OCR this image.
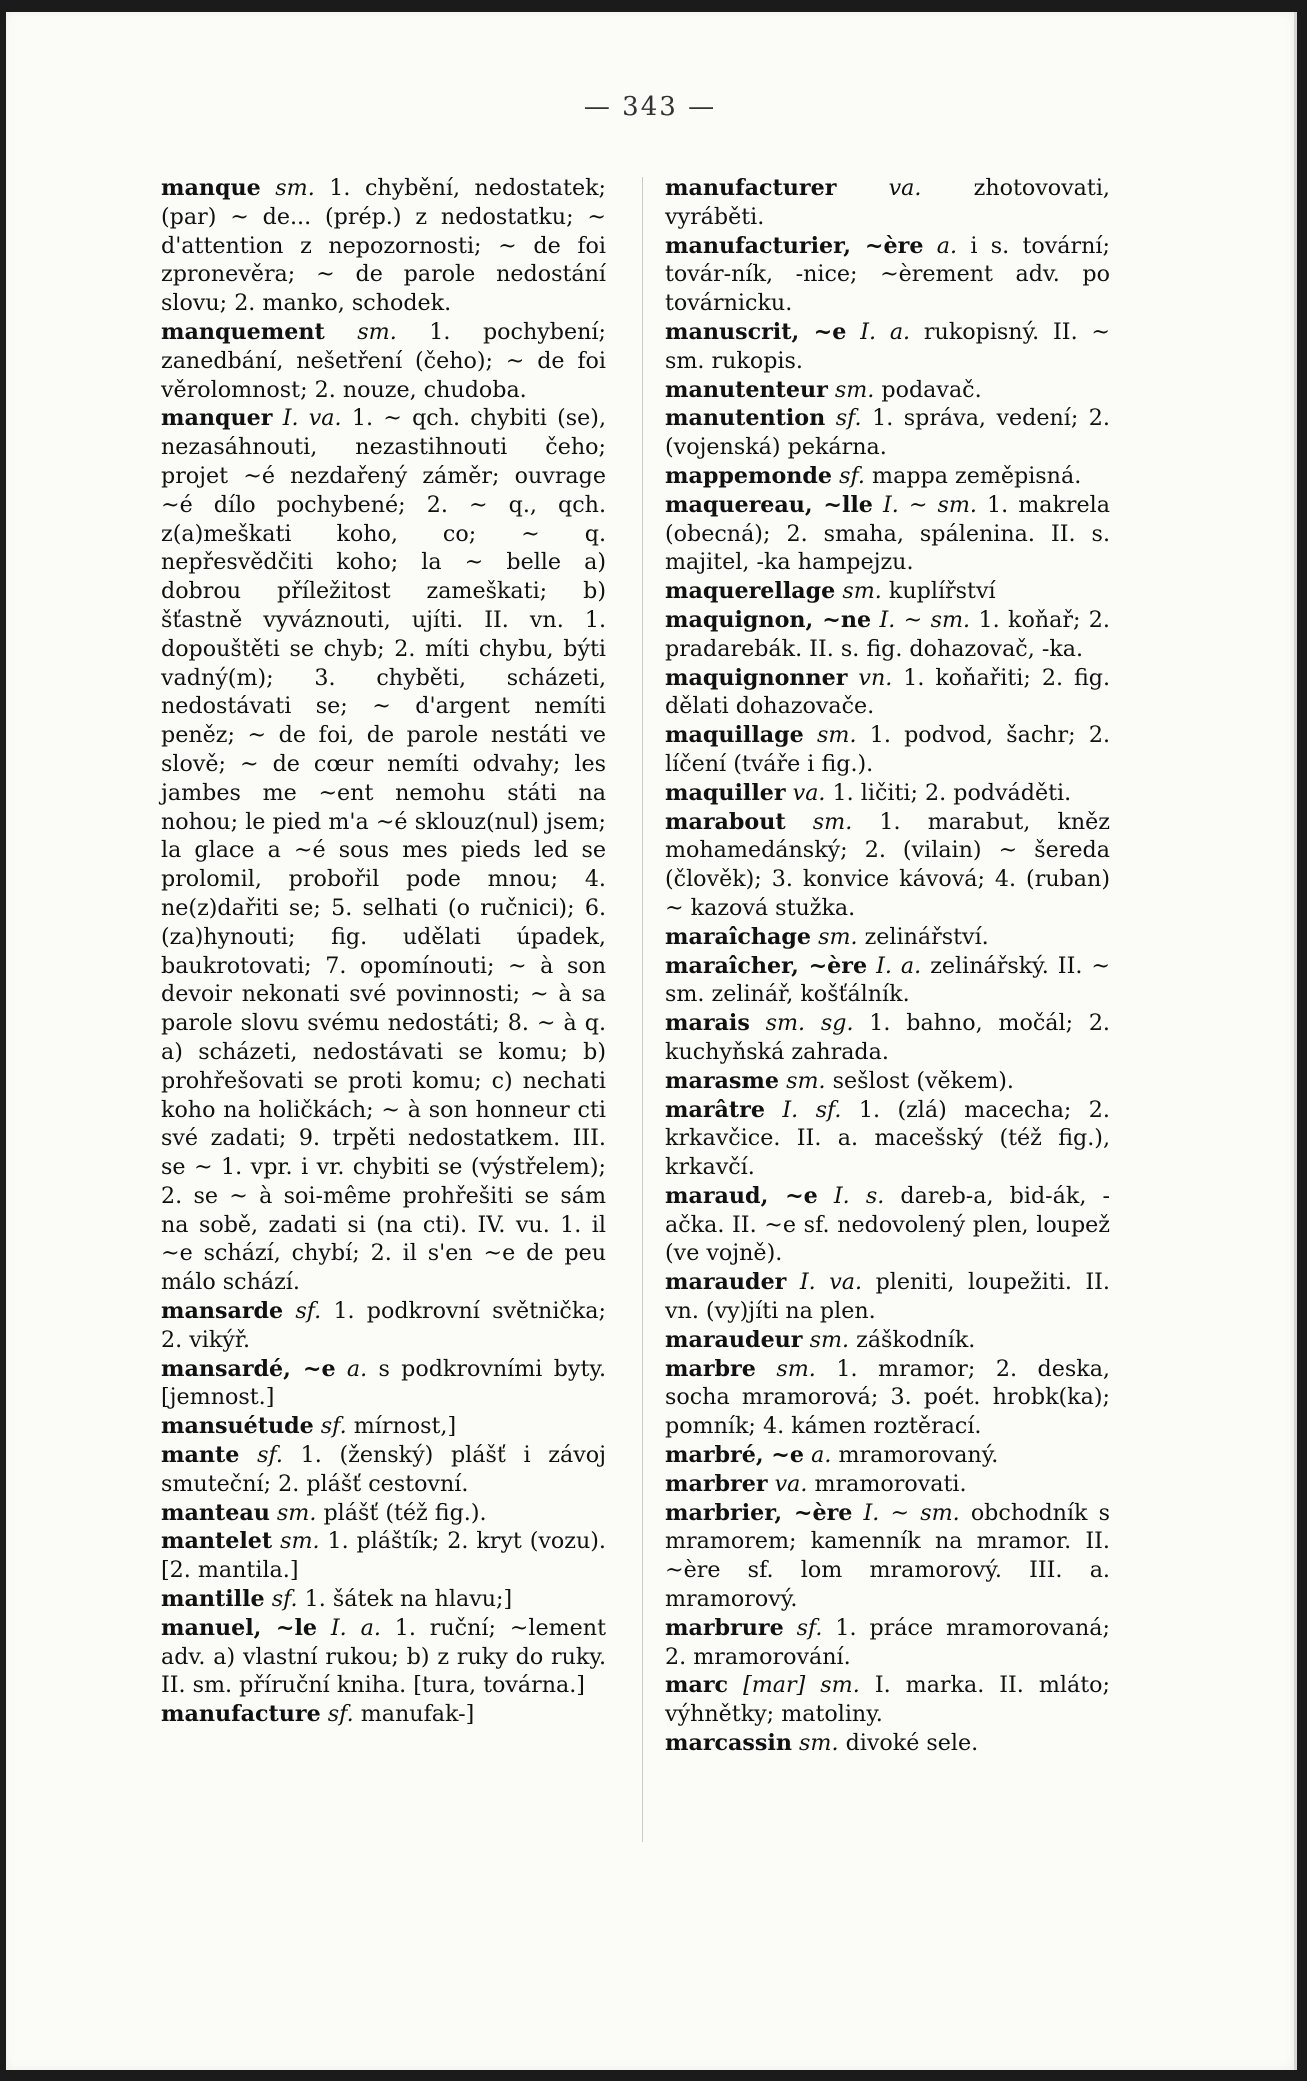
— 343 —

manque sm. 1. chybění, nedostatek; (par) ~ de... (prép.) z nedostatku; ~ d'attention z nepozornosti; ~ de foi zpronevěra; ~ de parole nedostání slovu; 2. manko, schodek.

manquement sm. 1. pochybení; zanedbání, nešetření (čeho); ~ de foi věrolomnost; 2. nouze, chudoba.

manquer I. va. 1. ~ qch. chybiti (se), nezasáhnouti, nezastihnouti čeho; projet ~é nezdařený záměr; ouvrage ~é dílo pochybené; 2. ~ q., qch. z(a)meškati koho, co; ~ q. nepřesvědčiti koho; la ~ belle a) dobrou příležitost zameškati; b) šťastně vyváznouti, ujíti. II. vn. 1. dopouštěti se chyb; 2. míti chybu, býti vadný(m); 3. chyběti, scházeti, nedostávati se; ~ d'argent nemíti peněz; ~ de foi, de parole nestáti ve slově; ~ de cœur nemíti odvahy; les jambes me ~ent nemohu státi na nohou; le pied m'a ~é sklouz(nul) jsem; la glace a ~é sous mes pieds led se prolomil, probořil pode mnou; 4. ne(z)dařiti se; 5. selhati (o ručnici); 6. (za)hynouti; fig. udělati úpadek, baukrotovati; 7. opomínouti; ~ à son devoir nekonati své povinnosti; ~ à sa parole slovu svému nedostáti; 8. ~ à q. a) scházeti, nedostávati se komu; b) prohřešovati se proti komu; c) nechati koho na holičkách; ~ à son honneur cti své zadati; 9. trpěti nedostatkem. III. se ~ 1. vpr. i vr. chybiti se (výstřelem); 2. se ~ à soi-même prohřešiti se sám na sobě, zadati si (na cti). IV. vu. 1. il ~e schází, chybí; 2. il s'en ~e de peu málo schází.

mansarde sf. 1. podkrovní světnička; 2. vikýř.

mansardé, ~e a. s podkrovními byty. [jemnost.]

mansuétude sf. mírnost,]

mante sf. 1. (ženský) plášť i závoj smuteční; 2. plášť cestovní.

manteau sm. plášť (též fig.).

mantelet sm. 1. pláštík; 2. kryt (vozu). [2. mantila.]

mantille sf. 1. šátek na hlavu;]

manuel, ~le I. a. 1. ruční; ~lement adv. a) vlastní rukou; b) z ruky do ruky. II. sm. příruční kniha. [tura, továrna.]

manufacture sf. manufak-]

manufacturer va. zhotovovati, vyráběti.

manufacturier, ~ère a. i s. tovární; továr-ník, -nice; ~èrement adv. po továrnicku.

manuscrit, ~e I. a. rukopisný. II. ~ sm. rukopis.

manutenteur sm. podavač.

manutention sf. 1. správa, vedení; 2. (vojenská) pekárna.

mappemonde sf. mappa zeměpisná.

maquereau, ~lle I. ~ sm. 1. makrela (obecná); 2. smaha, spálenina. II. s. majitel, -ka hampejzu.

maquerellage sm. kuplířství

maquignon, ~ne I. ~ sm. 1. koňař; 2. pradarebák. II. s. fig. dohazovač, -ka.

maquignonner vn. 1. koňařiti; 2. fig. dělati dohazovače.

maquillage sm. 1. podvod, šachr; 2. líčení (tváře i fig.).

maquiller va. 1. ličiti; 2. podváděti.

marabout sm. 1. marabut, kněz mohamedánský; 2. (vilain) ~ šereda (člověk); 3. konvice kávová; 4. (ruban) ~ kazová stužka.

maraîchage sm. zelinářství.

maraîcher, ~ère I. a. zelinářský. II. ~ sm. zelinář, košťálník.

marais sm. sg. 1. bahno, močál; 2. kuchyňská zahrada.

marasme sm. sešlost (věkem).

marâtre I. sf. 1. (zlá) macecha; 2. krkavčice. II. a. macešský (též fig.), krkavčí.

maraud, ~e I. s. dareb-a, bid-ák, -ačka. II. ~e sf. nedovolený plen, loupež (ve vojně).

marauder I. va. pleniti, loupežiti. II. vn. (vy)jíti na plen.

maraudeur sm. záškodník.

marbre sm. 1. mramor; 2. deska, socha mramorová; 3. poét. hrobk(ka); pomník; 4. kámen roztěrací.

marbré, ~e a. mramorovaný.

marbrer va. mramorovati.

marbrier, ~ère I. ~ sm. obchodník s mramorem; kamenník na mramor. II. ~ère sf. lom mramorový. III. a. mramorový.

marbrure sf. 1. práce mramorovaná; 2. mramorování.

marc [mar] sm. I. marka. II. mláto; výhnětky; matoliny.

marcassin sm. divoké sele.
